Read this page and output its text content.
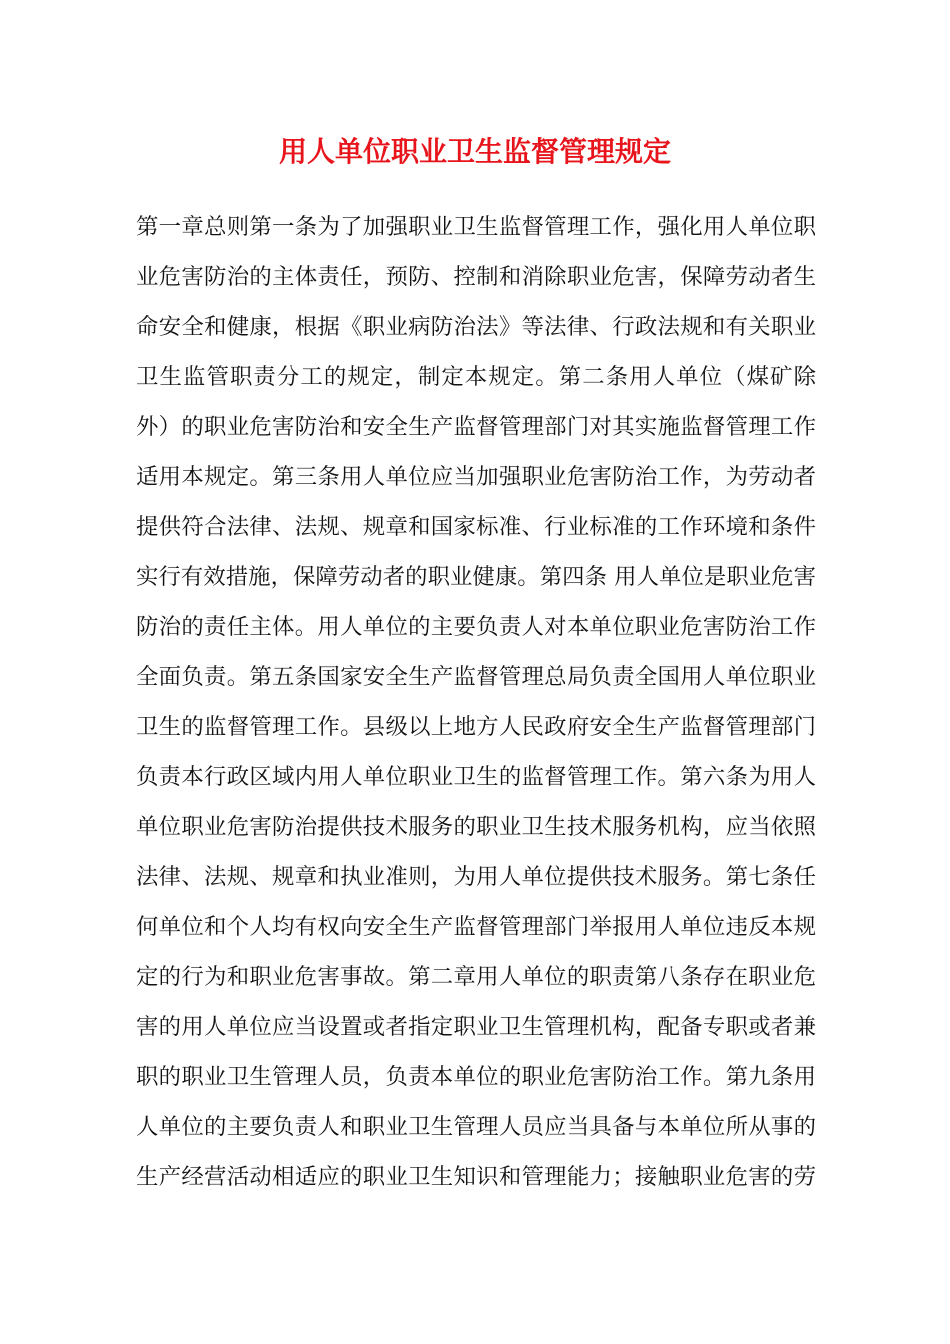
用人单位职业卫生监督管理规定
第一章总则第一条为了加强职业卫生监督管理工作，强化用人单位职
业危害防治的主体责任，预防、控制和消除职业危害，保障劳动者生
命安全和健康，根据《职业病防治法》等法律、行政法规和有关职业
卫生监管职责分工的规定，制定本规定。第二条用人单位（煤矿除
外）的职业危害防治和安全生产监督管理部门对其实施监督管理工作
适用本规定。第三条用人单位应当加强职业危害防治工作，为劳动者
提供符合法律、法规、规章和国家标准、行业标准的工作环境和条件
实行有效措施，保障劳动者的职业健康。第四条 用人单位是职业危害
防治的责任主体。用人单位的主要负责人对本单位职业危害防治工作
全面负责。第五条国家安全生产监督管理总局负责全国用人单位职业
卫生的监督管理工作。县级以上地方人民政府安全生产监督管理部门
负责本行政区域内用人单位职业卫生的监督管理工作。第六条为用人
单位职业危害防治提供技术服务的职业卫生技术服务机构，应当依照
法律、法规、规章和执业准则，为用人单位提供技术服务。第七条任
何单位和个人均有权向安全生产监督管理部门举报用人单位违反本规
定的行为和职业危害事故。第二章用人单位的职责第八条存在职业危
害的用人单位应当设置或者指定职业卫生管理机构，配备专职或者兼
职的职业卫生管理人员，负责本单位的职业危害防治工作。第九条用
人单位的主要负责人和职业卫生管理人员应当具备与本单位所从事的
生产经营活动相适应的职业卫生知识和管理能力；接触职业危害的劳
